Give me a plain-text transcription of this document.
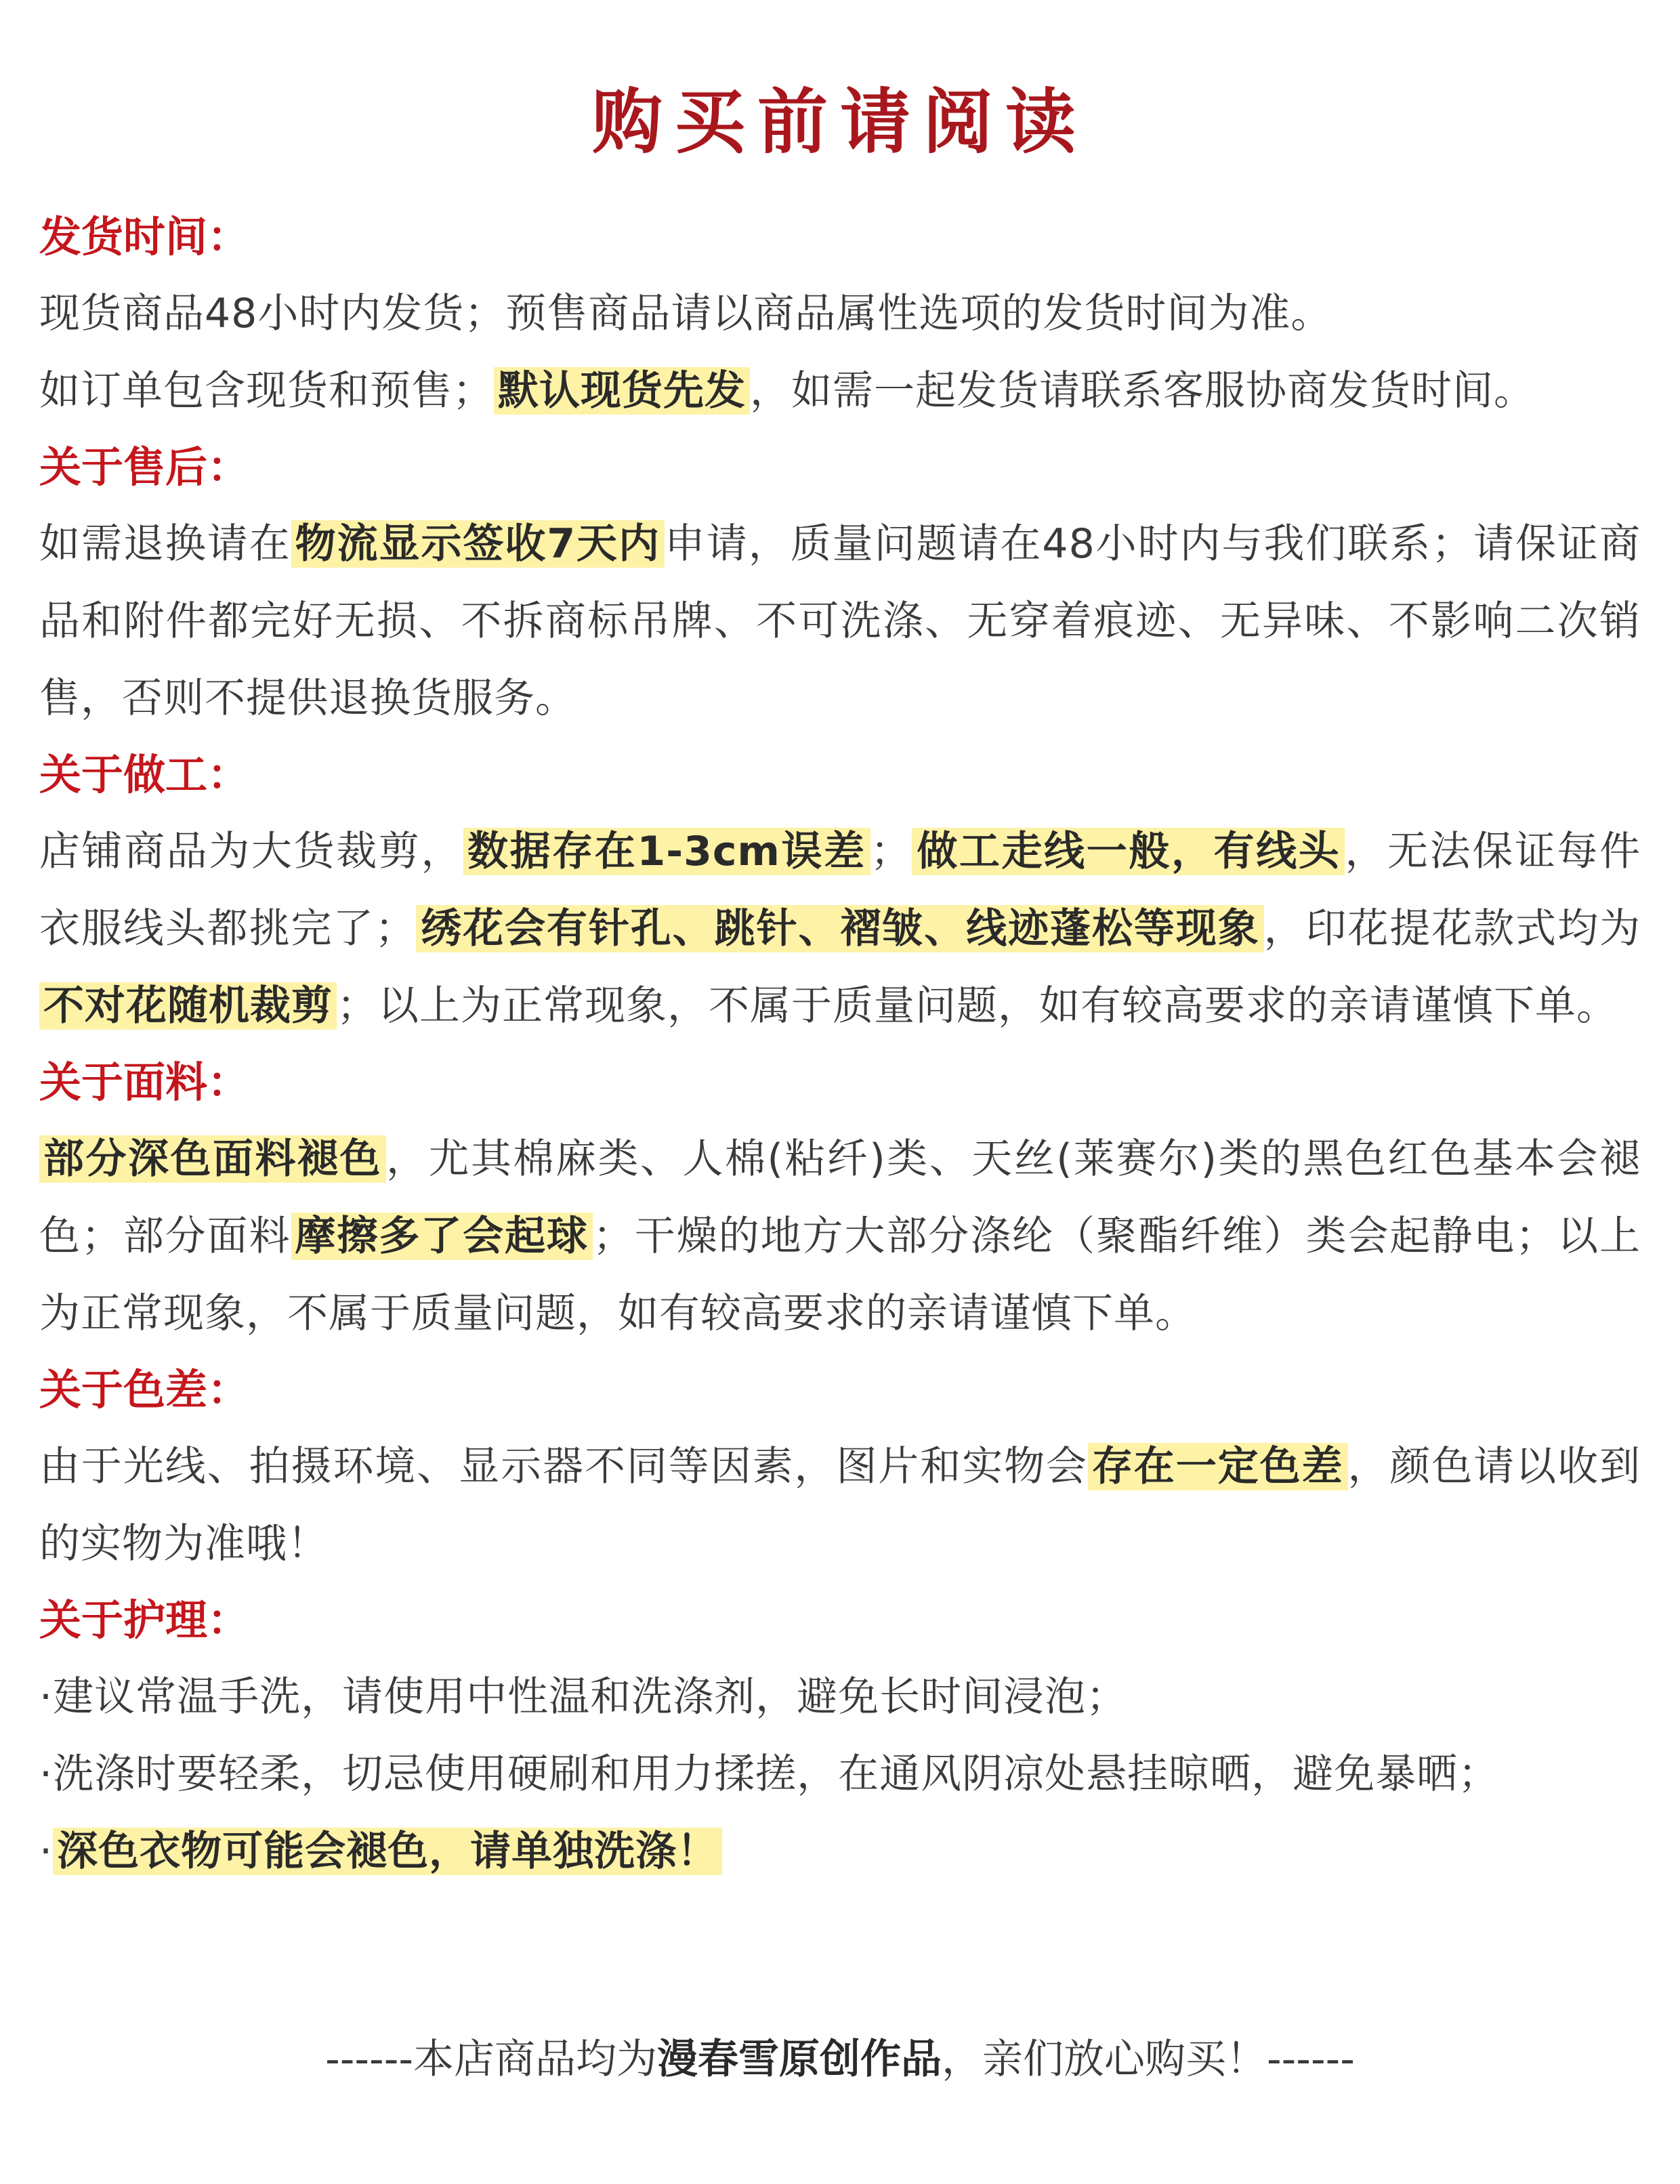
购买前请阅读
发货时间：
现货商品48小时内发货；预售商品请以商品属性选项的发货时间为准。
如订单包含现货和预售； 默认现货先发 ，如需一起发货请联系客服协商发货时间。
关于售后：
如需退换请在 物流显示签收7天内 申请，质量问题请在48小时内与我们联系；请保证商品和附件都完好无损、不拆商标吊牌、不可洗涤、无穿着痕迹、无异味、不影响二次销售，否则不提供退换货服务。
关于做工：
店铺商品为大货裁剪， 数据存在1-3cm误差 ； 做工走线一般，有线头 ，无法保证每件衣服线头都挑完了； 绣花会有针孔、跳针、褶皱、线迹蓬松等现象 ，印花提花款式均为不对花随机裁剪 ；以上为正常现象，不属于质量问题，如有较高要求的亲请谨慎下单。
关于面料：
部分深色面料褪色 ，尤其棉麻类、人棉(粘纤)类、天丝(莱赛尔)类的黑色红色基本会褪色；部分面料 摩擦多了会起球 ；干燥的地方大部分涤纶（聚酯纤维）类会起静电；以上为正常现象，不属于质量问题，如有较高要求的亲请谨慎下单。
关于色差：
由于光线、拍摄环境、显示器不同等因素，图片和实物会 存在一定色差 ，颜色请以收到的实物为准哦！
关于护理：
·建议常温手洗，请使用中性温和洗涤剂，避免长时间浸泡；
·洗涤时要轻柔，切忌使用硬刷和用力揉搓，在通风阴凉处悬挂晾晒，避免暴晒；
· 深色衣物可能会褪色，请单独洗涤！
------本店商品均为漫春雪原创作品，亲们放心购买！------
